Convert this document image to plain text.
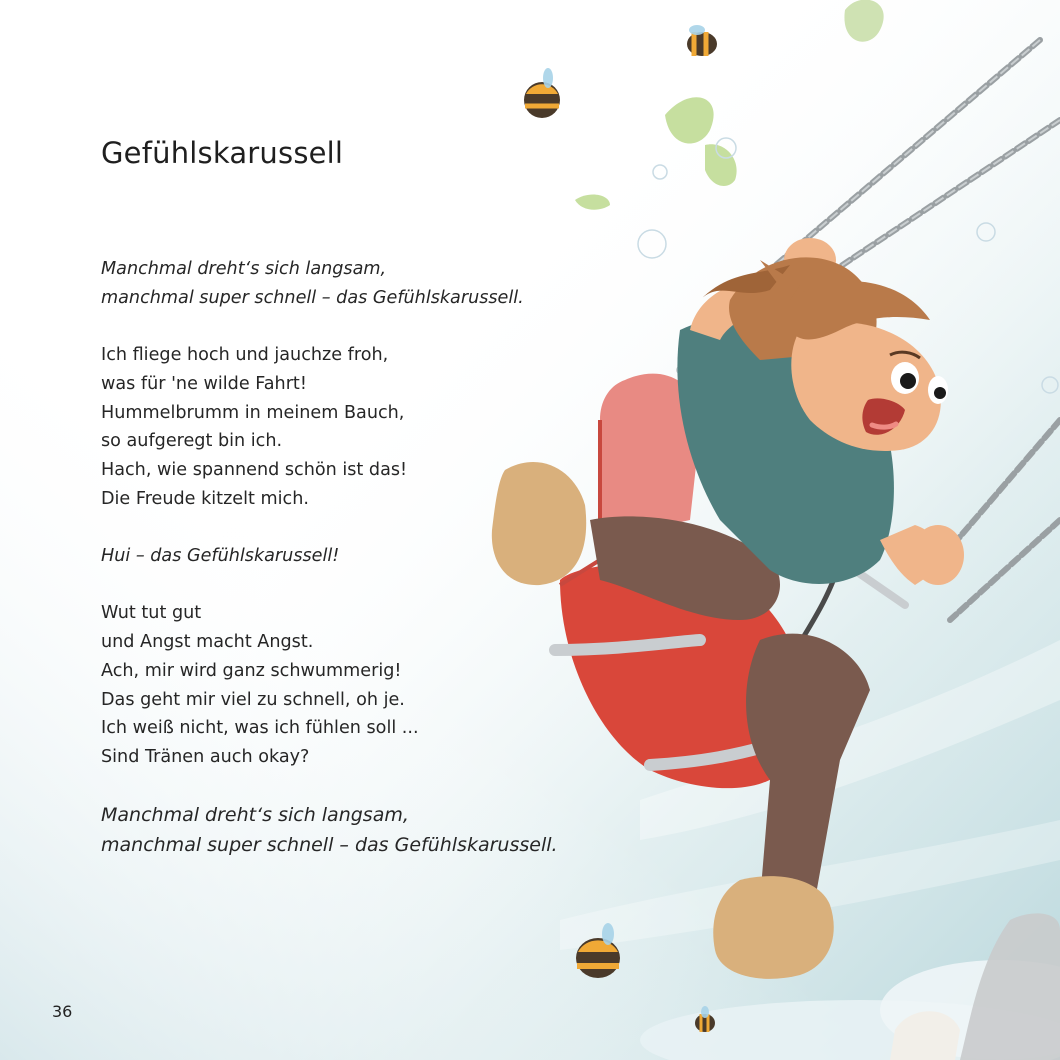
Gefühlskarussell
Manchmal dreht‘s sich langsam,
manchmal super schnell – das Gefühlskarussell.
Ich fliege hoch und jauchze froh,
was für 'ne wilde Fahrt!
Hummelbrumm in meinem Bauch,
so aufgeregt bin ich.
Hach, wie spannend schön ist das!
Die Freude kitzelt mich.
Hui – das Gefühlskarussell!
Wut tut gut
und Angst macht Angst.
Ach, mir wird ganz schwummerig!
Das geht mir viel zu schnell, oh je.
Ich weiß nicht, was ich fühlen soll ...
Sind Tränen auch okay?
Manchmal dreht‘s sich langsam,
manchmal super schnell – das Gefühlskarussell.
36
